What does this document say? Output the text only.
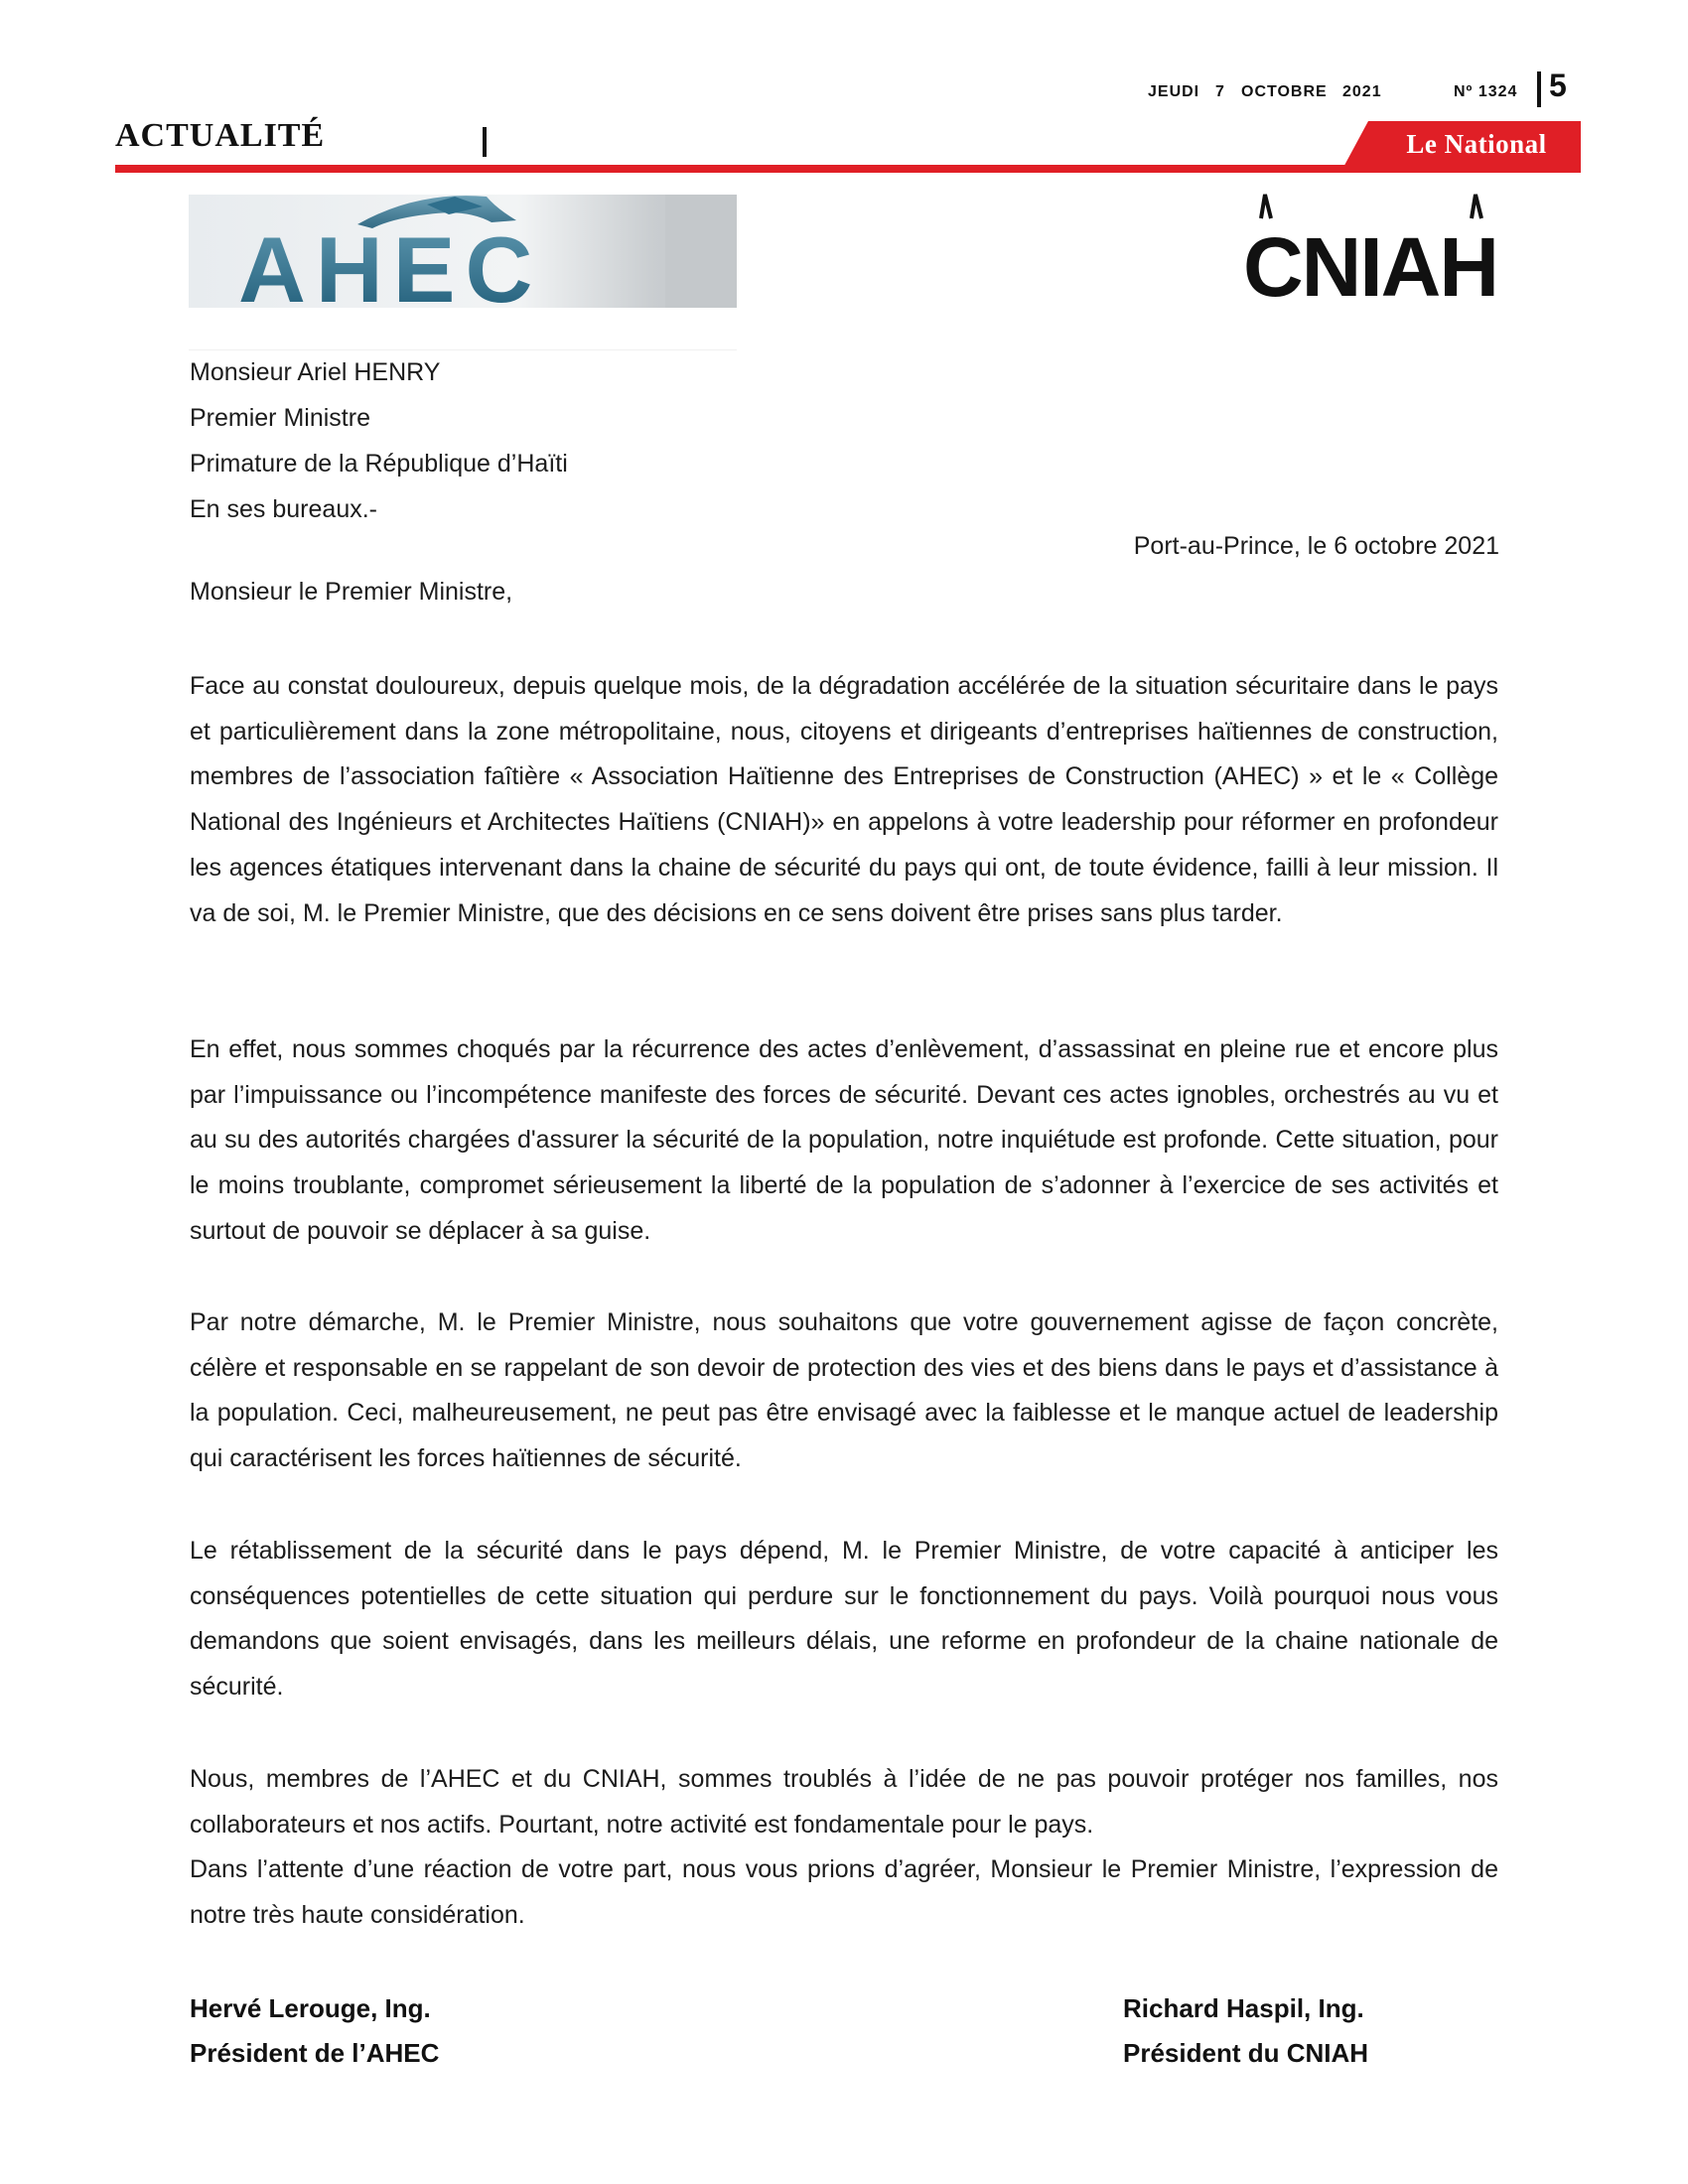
JEUDI 7 OCTOBRE 2021	Nº 1324 5
ACTUALITÉ	Le National
AHEC	CNIAH
Monsieur Ariel HENRY
Premier Ministre
Primature de la République d’Haïti
En ses bureaux.-
Port-au-Prince, le 6 octobre 2021
Monsieur le Premier Ministre,

Face au constat douloureux, depuis quelque mois, de la dégradation accélérée de la situation sécuritaire dans le pays et particulièrement dans la zone métropolitaine, nous, citoyens et dirigeants d’entreprises haïtiennes de construction, membres de l’association faîtière « Association Haïtienne des Entreprises de Construction (AHEC) » et le « Collège National des Ingénieurs et Architectes Haïtiens (CNIAH)» en appelons à votre leadership pour réformer en profondeur les agences étatiques intervenant dans la chaine de sécurité du pays qui ont, de toute évidence, failli à leur mission. Il va de soi, M. le Premier Ministre, que des décisions en ce sens doivent être prises sans plus tarder.

En effet, nous sommes choqués par la récurrence des actes d’enlèvement, d’assassinat en pleine rue et encore plus par l’impuissance ou l’incompétence manifeste des forces de sécurité. Devant ces actes ignobles, orchestrés au vu et au su des autorités chargées d'assurer la sécurité de la population, notre inquiétude est profonde. Cette situation, pour le moins troublante, compromet sérieusement la liberté de la population de s’adonner à l’exercice de ses activités et surtout de pouvoir se déplacer à sa guise.

Par notre démarche, M. le Premier Ministre, nous souhaitons que votre gouvernement agisse de façon concrète, célère et responsable en se rappelant de son devoir de protection des vies et des biens dans le pays et d’assistance à la population. Ceci, malheureusement, ne peut pas être envisagé avec la faiblesse et le manque actuel de leadership qui caractérisent les forces haïtiennes de sécurité.

Le rétablissement de la sécurité dans le pays dépend, M. le Premier Ministre, de votre capacité à anticiper les conséquences potentielles de cette situation qui perdure sur le fonctionnement du pays. Voilà pourquoi nous vous demandons que soient envisagés, dans les meilleurs délais, une reforme en profondeur de la chaine nationale de sécurité.

Nous, membres de l’AHEC et du CNIAH, sommes troublés à l’idée de ne pas pouvoir protéger nos familles, nos collaborateurs et nos actifs. Pourtant, notre activité est fondamentale pour le pays.

Dans l’attente d’une réaction de votre part, nous vous prions d’agréer, Monsieur le Premier Ministre, l’expression de notre très haute considération.

Hervé Lerouge, Ing.
Président de l’AHEC
Richard Haspil, Ing.
Président du CNIAH
